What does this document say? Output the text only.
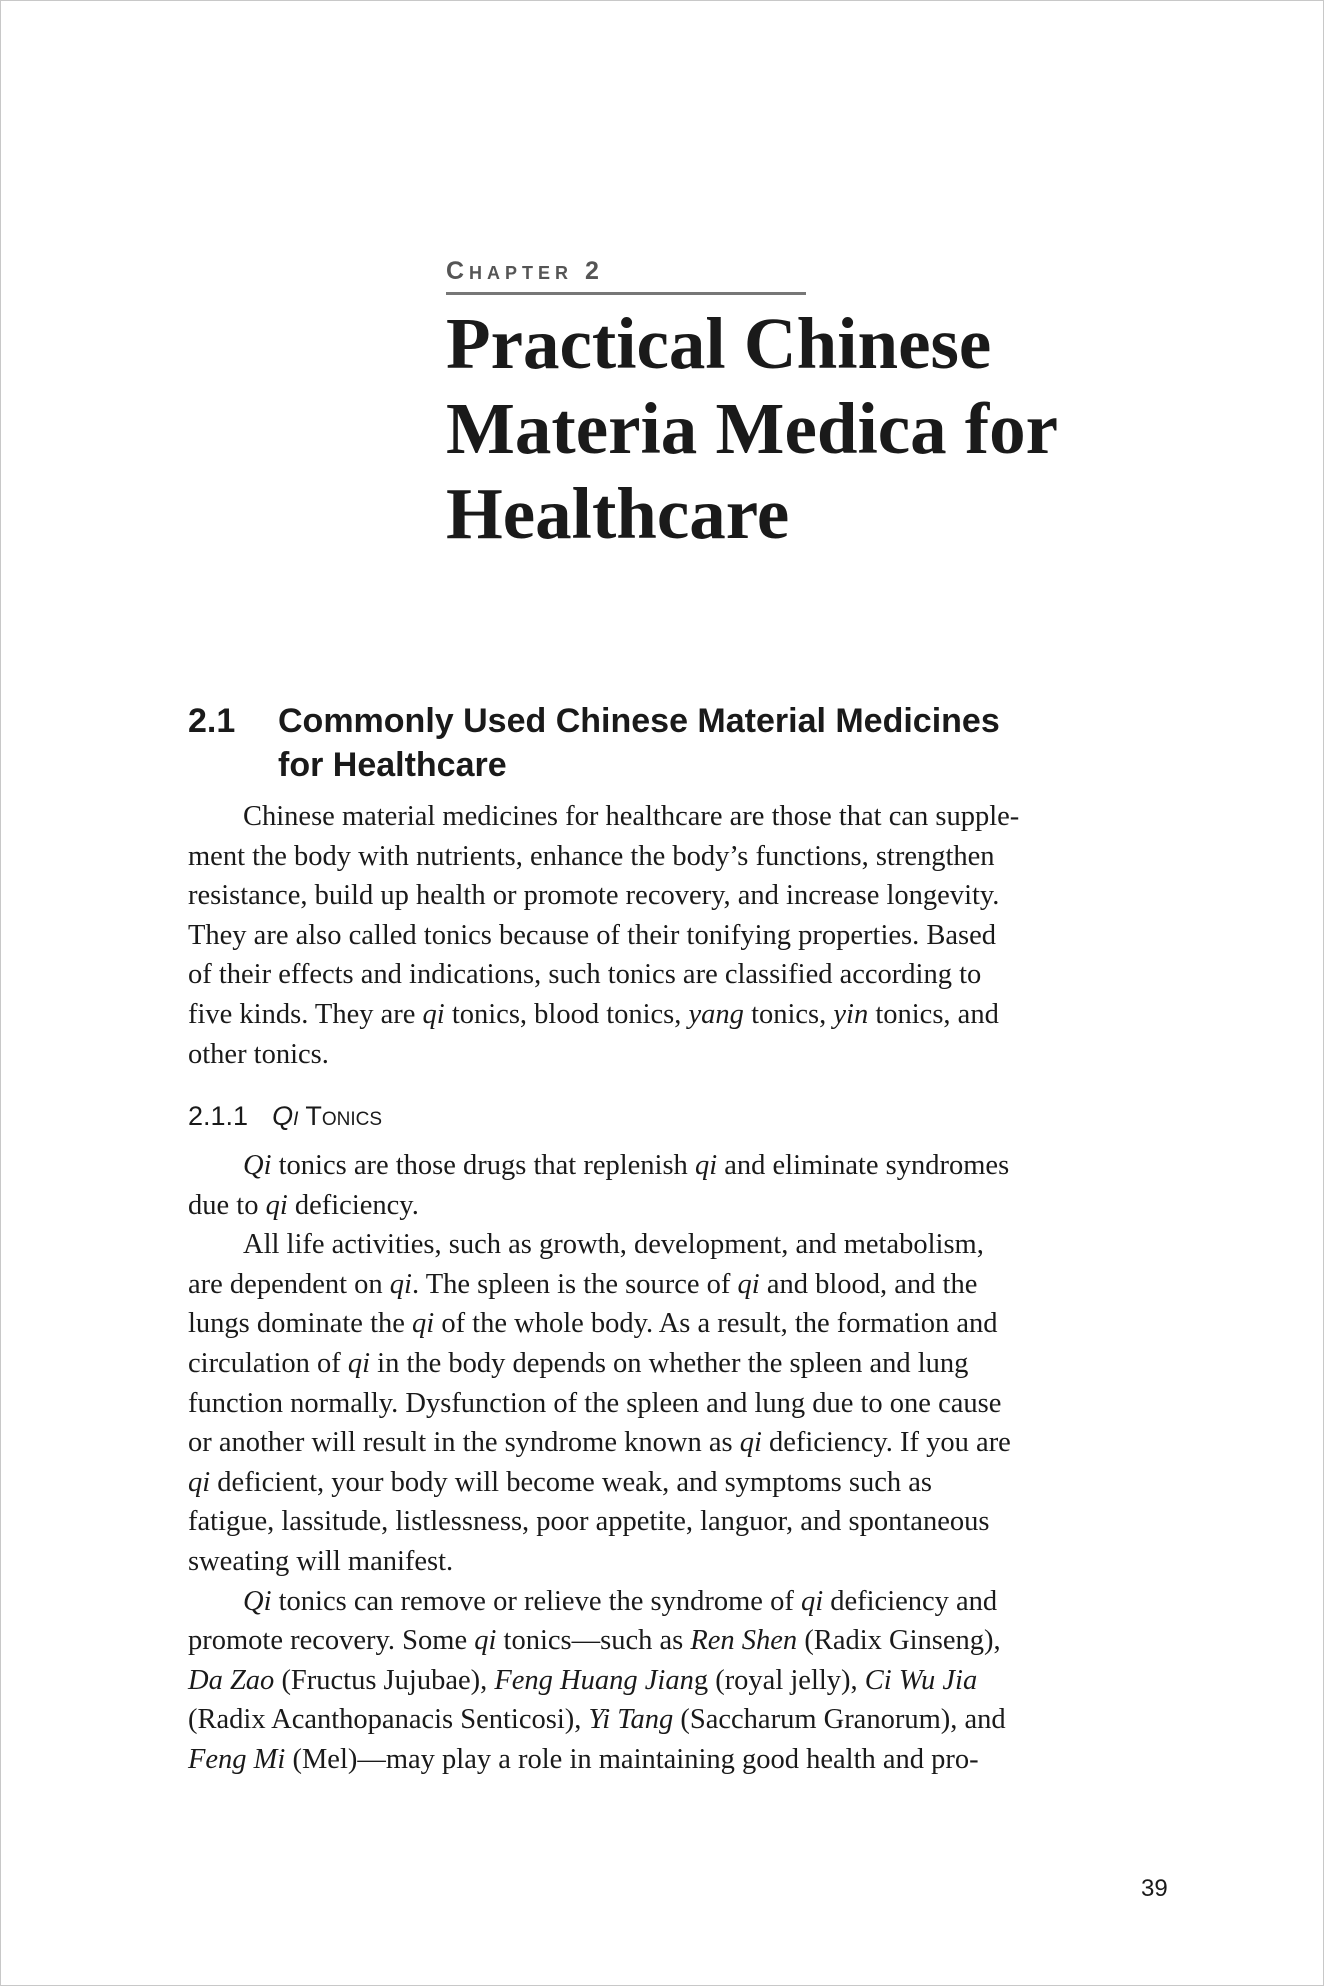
Chapter 2
Practical Chinese
Materia Medica for
Healthcare
2.1 Commonly Used Chinese Material Medicines
for Healthcare

Chinese material medicines for healthcare are those that can supple-
ment the body with nutrients, enhance the body’s functions, strengthen
resistance, build up health or promote recovery, and increase longevity.
They are also called tonics because of their tonifying properties. Based
of their effects and indications, such tonics are classified according to
five kinds. They are qi tonics, blood tonics, yang tonics, yin tonics, and
other tonics.

2.1.1 Qi Tonics

Qi tonics are those drugs that replenish qi and eliminate syndromes
due to qi deficiency.

All life activities, such as growth, development, and metabolism,
are dependent on qi. The spleen is the source of qi and blood, and the
lungs dominate the qi of the whole body. As a result, the formation and
circulation of qi in the body depends on whether the spleen and lung
function normally. Dysfunction of the spleen and lung due to one cause
or another will result in the syndrome known as qi deficiency. If you are
qi deficient, your body will become weak, and symptoms such as
fatigue, lassitude, listlessness, poor appetite, languor, and spontaneous
sweating will manifest.

Qi tonics can remove or relieve the syndrome of qi deficiency and
promote recovery. Some qi tonics—such as Ren Shen (Radix Ginseng),
Da Zao (Fructus Jujubae), Feng Huang Jiang (royal jelly), Ci Wu Jia
(Radix Acanthopanacis Senticosi), Yi Tang (Saccharum Granorum), and
Feng Mi (Mel)—may play a role in maintaining good health and pro-

39
